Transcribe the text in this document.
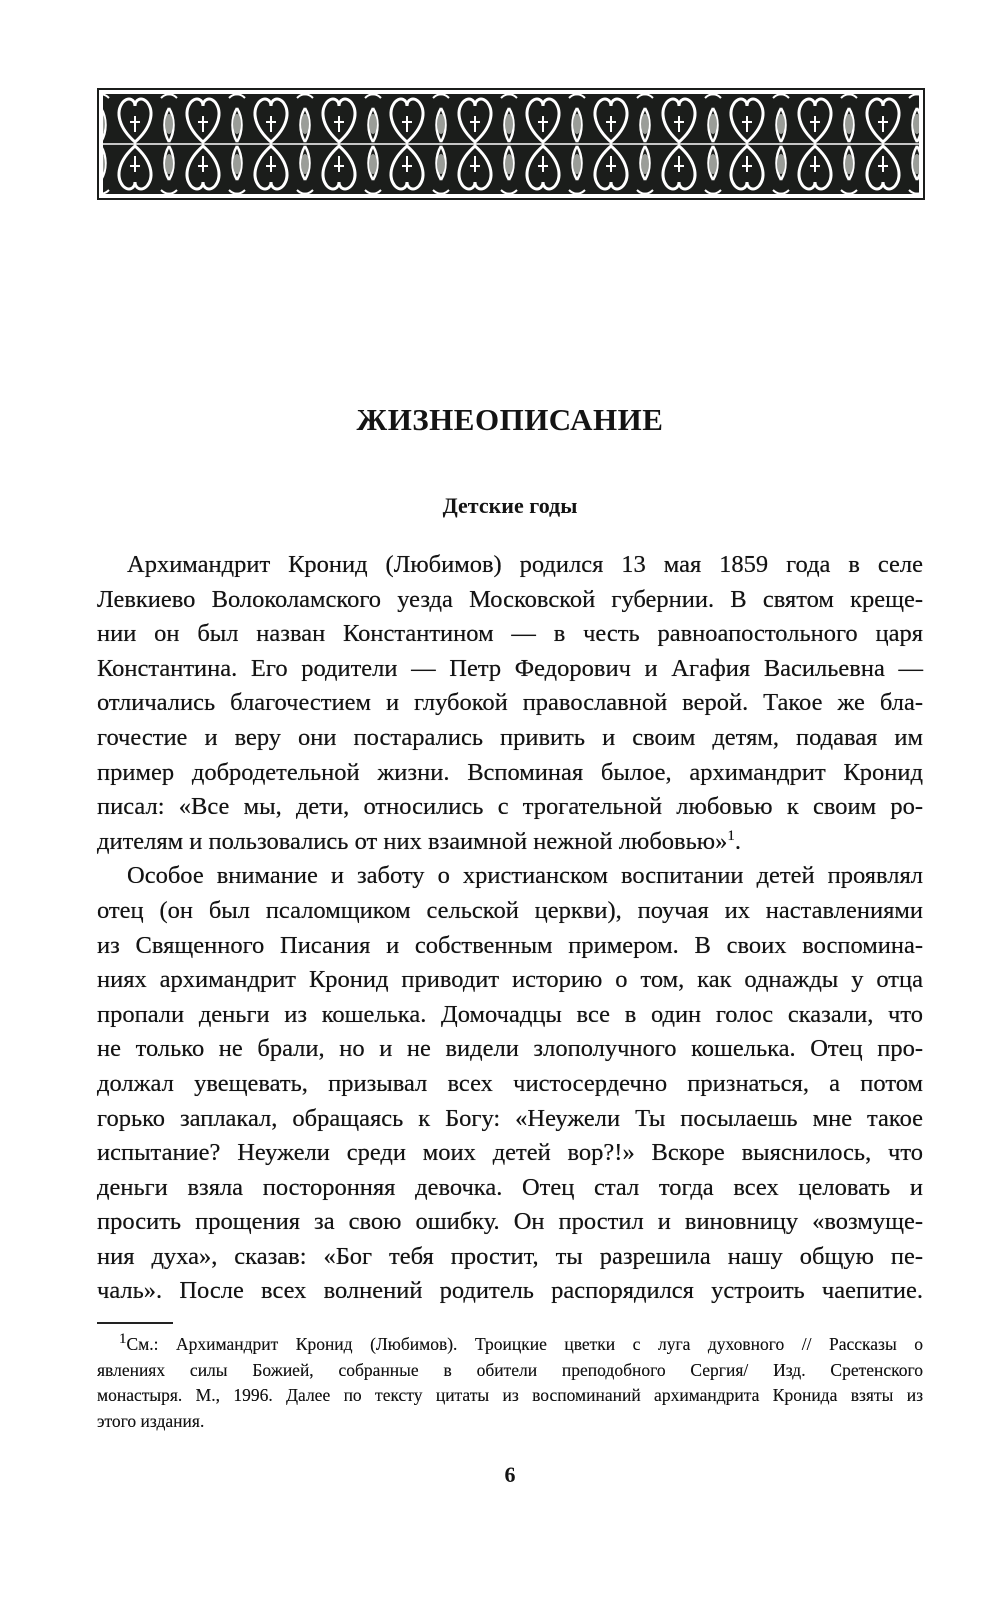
ЖИЗНЕОПИСАНИЕ
Детские годы
Архимандрит Кронид (Любимов) родился 13 мая 1859 года в селе
Левкиево Волоколамского уезда Московской губернии. В святом креще-
нии он был назван Константином — в честь равноапостольного царя
Константина. Его родители — Петр Федорович и Агафия Васильевна —
отличались благочестием и глубокой православной верой. Такое же бла-
гочестие и веру они постарались привить и своим детям, подавая им
пример добродетельной жизни. Вспоминая былое, архимандрит Кронид
писал: «Все мы, дети, относились с трогательной любовью к своим ро-
дителям и пользовались от них взаимной нежной любовью»$^1$.
Особое внимание и заботу о христианском воспитании детей проявлял
отец (он был псаломщиком сельской церкви), поучая их наставлениями
из Священного Писания и собственным примером. В своих воспомина-
ниях архимандрит Кронид приводит историю о том, как однажды у отца
пропали деньги из кошелька. Домочадцы все в один голос сказали, что
не только не брали, но и не видели злополучного кошелька. Отец про-
должал увещевать, призывал всех чистосердечно признаться, а потом
горько заплакал, обращаясь к Богу: «Неужели Ты посылаешь мне такое
испытание? Неужели среди моих детей вор?!» Вскоре выяснилось, что
деньги взяла посторонняя девочка. Отец стал тогда всех целовать и
просить прощения за свою ошибку. Он простил и виновницу «возмуще-
ния духа», сказав: «Бог тебя простит, ты разрешила нашу общую пе-
чаль». После всех волнений родитель распорядился устроить чаепитие.
$^1$См.: Архимандрит Кронид (Любимов). Троицкие цветки с луга духовного // Рассказы о
явлениях силы Божией, собранные в обители преподобного Сергия/ Изд. Сретенского
монастыря. М., 1996. Далее по тексту цитаты из воспоминаний архимандрита Кронида взяты из
этого издания.
6
